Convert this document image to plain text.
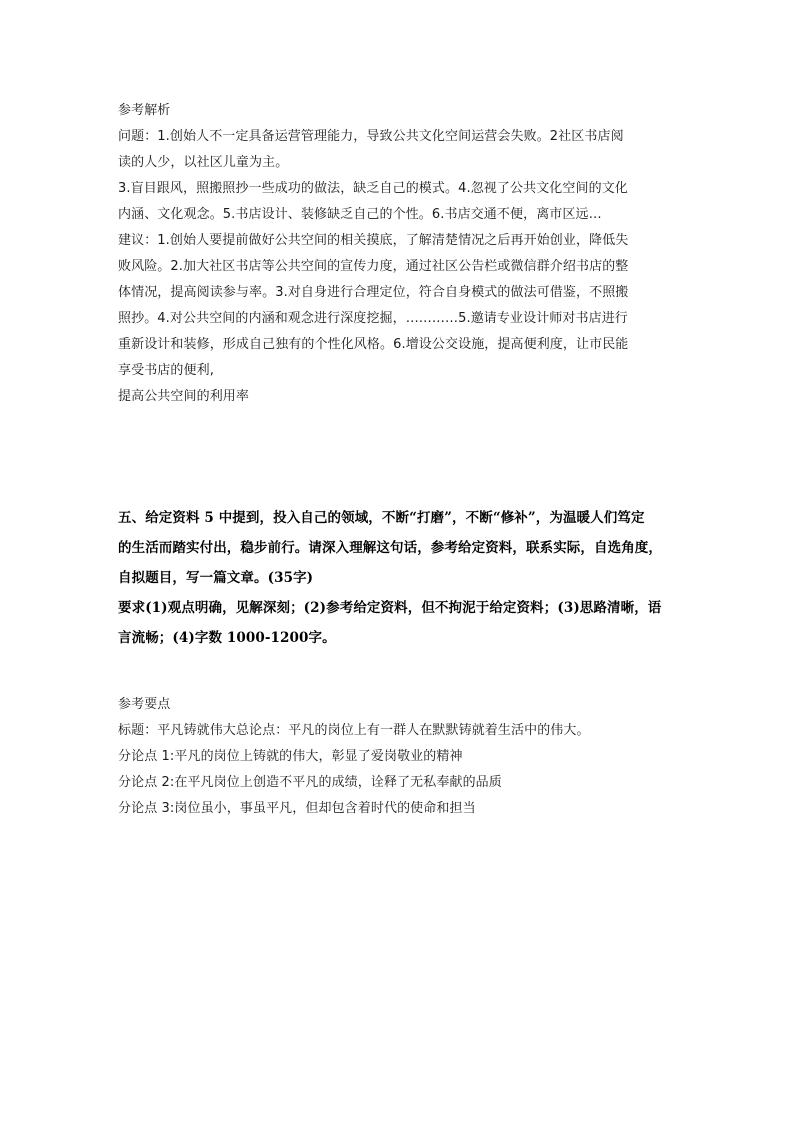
参考解析
问题：1.创始人不一定具备运营管理能力，导致公共文化空间运营会失败。2社区书店阅
读的人少，以社区儿童为主。
3.盲目跟风，照搬照抄一些成功的做法，缺乏自己的模式。4.忽视了公共文化空间的文化
内涵、文化观念。5.书店设计、装修缺乏自己的个性。6.书店交通不便，离市区远…
建议：1.创始人要提前做好公共空间的相关摸底，了解清楚情况之后再开始创业，降低失
败风险。2.加大社区书店等公共空间的宣传力度，通过社区公告栏或微信群介绍书店的整
体情况，提高阅读参与率。3.对自身进行合理定位，符合自身模式的做法可借鉴，不照搬
照抄。4.对公共空间的内涵和观念进行深度挖掘，…………5.邀请专业设计师对书店进行
重新设计和装修，形成自己独有的个性化风格。6.增设公交设施，提高便利度，让市民能
享受书店的便利,
提高公共空间的利用率
五、给定资料 5 中提到，投入自己的领域，不断“打磨”，不断“修补”，为温暖人们笃定
的生活而踏实付出，稳步前行。请深入理解这句话，参考给定资料，联系实际，自选角度，
自拟题目，写一篇文章。(35字)
要求(1)观点明确，见解深刻；(2)参考给定资料，但不拘泥于给定资料；(3)思路清晰，语
言流畅；(4)字数 1000-1200字。
参考要点
标题：平凡铸就伟大总论点：平凡的岗位上有一群人在默默铸就着生活中的伟大。
分论点 1:平凡的岗位上铸就的伟大，彰显了爱岗敬业的精神
分论点 2:在平凡岗位上创造不平凡的成绩，诠释了无私奉献的品质
分论点 3:岗位虽小，事虽平凡，但却包含着时代的使命和担当
